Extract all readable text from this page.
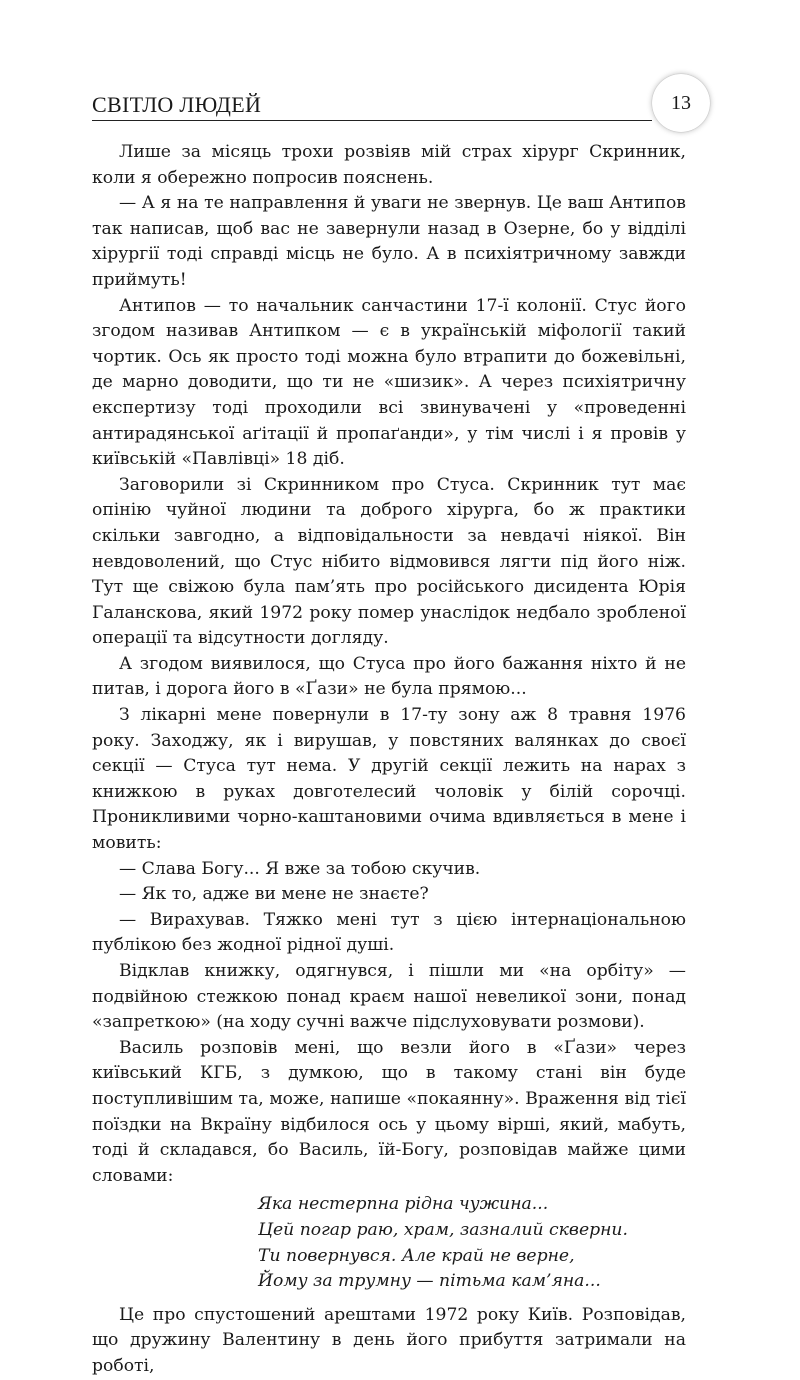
СВІТЛО ЛЮДЕЙ	13

Лише за місяць трохи розвіяв мій страх хірург Скринник, коли я обережно попросив пояснень.

— А я на те направлення й уваги не звернув. Це ваш Антипов так написав, щоб вас не завернули назад в Озерне, бо у відділі хірургії тоді справді місць не було. А в психіятричному завжди приймуть!

Антипов — то начальник санчастини 17-ї колонії. Стус його згодом називав Антипком — є в українській міфології такий чортик. Ось як просто тоді можна було втрапити до божевільні, де марно доводити, що ти не «шизик». А через психіятричну експертизу тоді проходили всі звинувачені у «проведенні антирадянської аґітації й пропаґанди», у тім числі і я провів у київській «Павлівці» 18 діб.

Заговорили зі Скринником про Стуса. Скринник тут має опінію чуйної людини та доброго хірурга, бо ж практики скільки завгодно, а відповідальности за невдачі ніякої. Він невдоволений, що Стус нібито відмовився лягти під його ніж. Тут ще свіжою була пам’ять про російського дисидента Юрія Галанскова, який 1972 року помер унаслідок недбало зробленої операції та відсутности догляду.

А згодом виявилося, що Стуса про його бажання ніхто й не питав, і дорога його в «Ґази» не була прямою...

З лікарні мене повернули в 17-ту зону аж 8 травня 1976 року. Заходжу, як і вирушав, у повстяних валянках до своєї секції — Стуса тут нема. У другій секції лежить на нарах з книжкою в руках довготелесий чоловік у білій сорочці. Проникливими чорно-каштановими очима вдивляється в мене і мовить:

— Слава Богу... Я вже за тобою скучив.

— Як то, адже ви мене не знаєте?

— Вирахував. Тяжко мені тут з цією інтернаціональною публікою без жодної рідної душі.

Відклав книжку, одягнувся, і пішли ми «на орбіту» — подвійною стежкою понад краєм нашої невеликої зони, понад «запреткою» (на ходу сучні важче підслуховувати розмови).

Василь розповів мені, що везли його в «Ґази» через київський КГБ, з думкою, що в такому стані він буде поступливішим та, може, напише «покаянну». Враження від тієї поїздки на Вкраїну відбилося ось у цьому вірші, який, мабуть, тоді й складався, бо Василь, їй-Богу, розповідав майже цими словами:

Яка нестерпна рідна чужина...
Цей погар раю, храм, зазналий скверни.
Ти повернувся. Але край не верне,
Йому за трумну — пітьма кам’яна...

Це про спустошений арештами 1972 року Київ. Розповідав, що дружину Валентину в день його прибуття затримали на роботі,
